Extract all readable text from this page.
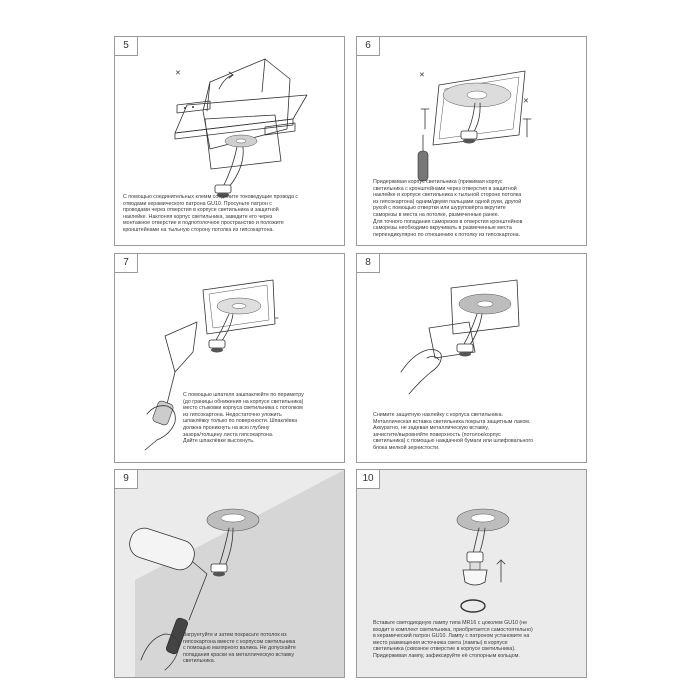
5
✕
С помощью соединительных клемм соедините токоведущие провода с
отводами керамического патрона GU10. Просуньте патрон с
проводами через отверстия в корпусе светильника и защитной
наклейке. Наклоняя корпус светильника, заведите его через
монтажное отверстие в подпотолочное пространство и положите
кронштейнами на тыльную сторону потолка из гипсокартона.
6
✕
✕
Придерживая корпус светильника (прижимая корпус
светильника с кронштейнами через отверстия в защитной
наклейке и корпусе светильника к тыльной стороне потолка
из гипсокартона) одним/двумя пальцами одной руки, другой
рукой с помощью отвертки или шуруповёрта вкрутите
саморезы в места на потолке, размеченные ранее.
Для точного попадания саморезов в отверстия кронштейнов
саморезы необходимо вкручивать в размеченные места
перпендикулярно по отношению к потолку из гипсокартона.
7
С помощью шпателя зашпаклюйте по периметру
(до границы обнижения на корпусе светильника)
место стыковки корпуса светильника с потолком
из гипсокартона. Недостаточно уложить
шпаклёвку только по поверхности. Шпаклёвка
должна проникнуть на всю глубину
зазора/толщину листа гипсокартона.
Дайте шпаклёвке высохнуть.
8
Снимите защитную наклейку с корпуса светильника.
Металлическая вставка светильника покрыта защитным лаком.
Аккуратно, не задевая металлическую вставку,
зачистите/выровняйте поверхность (потолок/корпус
светильника) с помощью наждачной бумаги или шлифовального
блока мелкой зернистости.
9
Загрунтуйте и затем покрасьте потолок из
гипсокартона вместе с корпусом светильника
с помощью малярного валика. Не допускайте
попадания краски на металлическую вставку
светильника.
10
Вставьте светодиодную лампу типа MR16 с цоколем GU10 (не
входит в комплект светильника, приобретается самостоятельно)
в керамический патрон GU10. Лампу с патроном установите на
место размещения источника света (лампы) в корпусе
светильника (сквозное отверстие в корпусе светильника).
Придерживая лампу, зафиксируйте её стопорным кольцом.
